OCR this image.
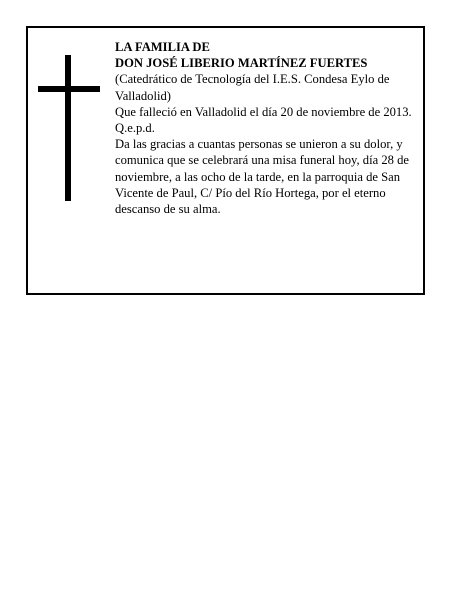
LA FAMILIA DE

DON JOSÉ LIBERIO MARTÍNEZ FUERTES

(Catedrático de Tecnología del I.E.S. Condesa Eylo de Valladolid)

Que falleció en Valladolid el día 20 de noviembre de 2013.

Q.e.p.d.

Da las gracias a cuantas personas se unieron a su dolor, y comunica que se celebrará una misa funeral hoy, día 28 de noviembre, a las ocho de la tarde, en la parroquia de San Vicente de Paul, C/ Pío del Río Hortega, por el eterno descanso de su alma.
